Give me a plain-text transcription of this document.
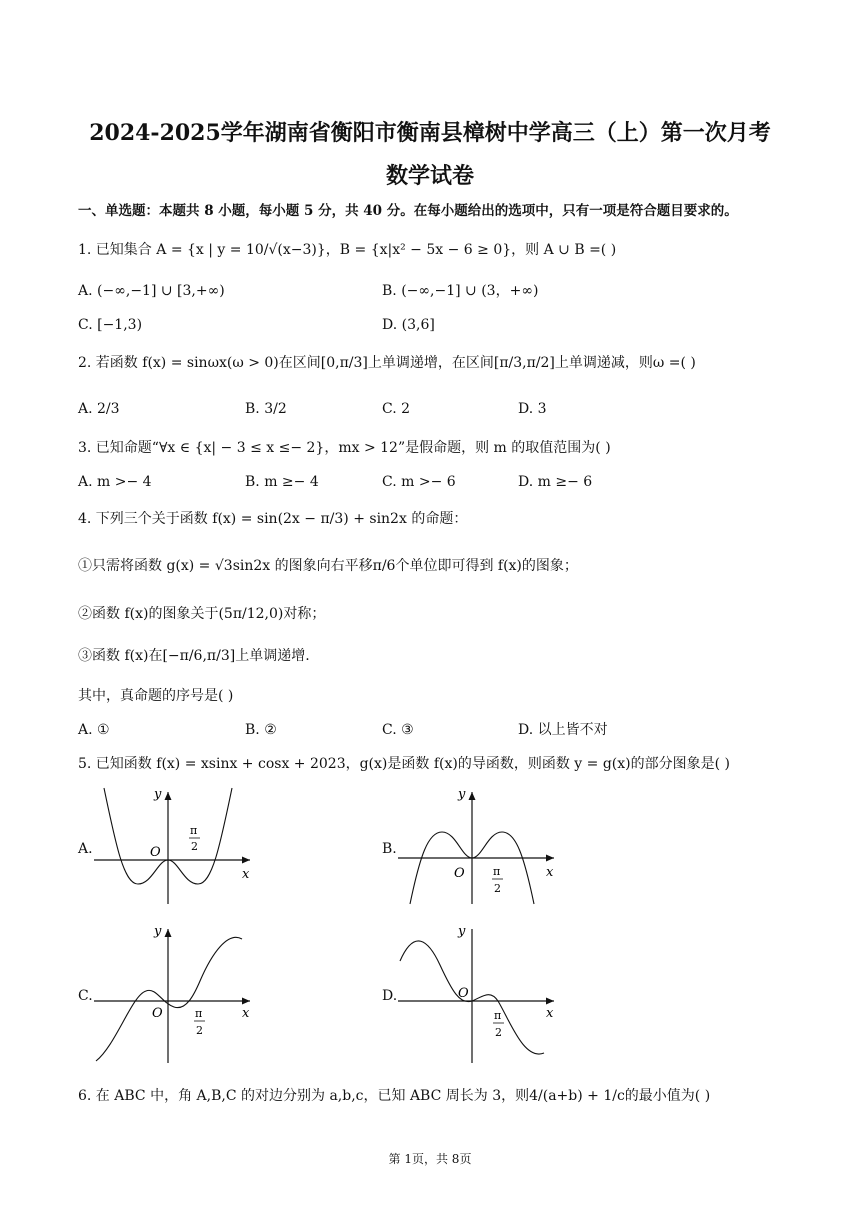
2024-2025学年湖南省衡阳市衡南县樟树中学高三（上）第一次月考
数学试卷
一、单选题：本题共 8 小题，每小题 5 分，共 40 分。在每小题给出的选项中，只有一项是符合题目要求的。
1. 已知集合 A = {x | y = 10/√(x−3)}，B = {x|x² − 5x − 6 ≥ 0}，则 A ∪ B =( )
A. (−∞,−1] ∪ [3,+∞)	B. (−∞,−1] ∪ (3，+∞)
C. [−1,3)	D. (3,6]
2. 若函数 f(x) = sinωx(ω > 0)在区间[0,π/3]上单调递增，在区间[π/3,π/2]上单调递减，则ω =( )
A. 2/3	B. 3/2	C. 2	D. 3
3. 已知命题“∀x ∈ {x| − 3 ≤ x ≤− 2}，mx > 12”是假命题，则 m 的取值范围为( )
A. m >− 4	B. m ≥− 4	C. m >− 6	D. m ≥− 6
4. 下列三个关于函数 f(x) = sin(2x − π/3) + sin2x 的命题：
①只需将函数 g(x) = √3sin2x 的图象向右平移π/6个单位即可得到 f(x)的图象；
②函数 f(x)的图象关于(5π/12,0)对称；
③函数 f(x)在[−π/6,π/3]上单调递增.
其中，真命题的序号是( )
A. ①	B. ②	C. ③	D. 以上皆不对
5. 已知函数 f(x) = xsinx + cosx + 2023，g(x)是函数 f(x)的导函数，则函数 y = g(x)的部分图象是( )
A.	B.
C.	D.
y
O
x
π
2
y
O	x
π
2
y
O	x
π
2
y
O
x
π
2
6. 在 ABC 中，角 A,B,C 的对边分别为 a,b,c，已知 ABC 周长为 3，则4/(a+b) + 1/c的最小值为( )
第 1页，共 8页
